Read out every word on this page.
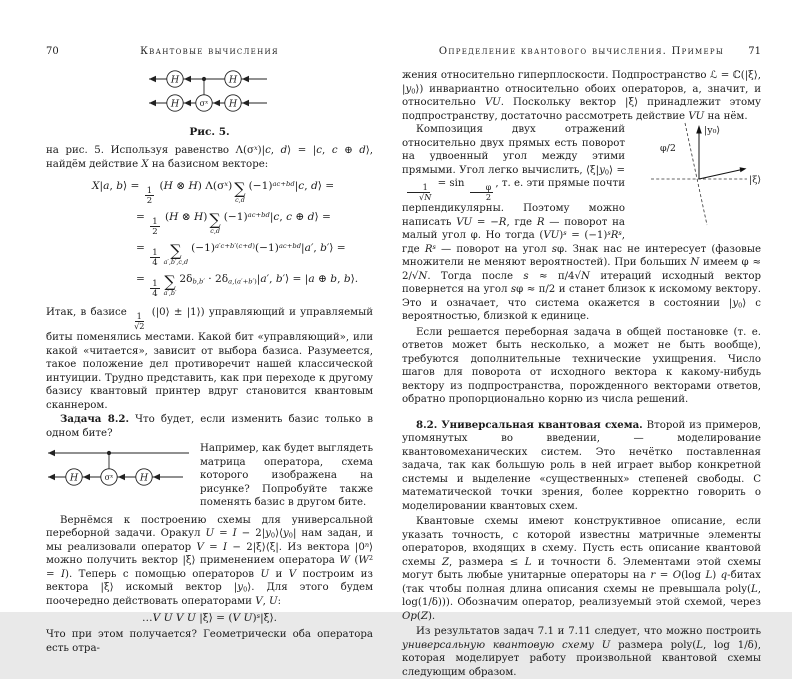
70	Квантовые вычисления
H	H
H	σˣ H
Рис. 5.

на рис. 5. Используя равенство $\Lambda(\sigma^x)|c$, d⟩ = |c, c ⊕ d⟩, найдём действие X на базисном векторе:

X|a, b⟩ =
$\frac{1}{2}$
(H ⊗ H) $\Lambda(\sigma^x)$ ∑
c,d
$(-1)^{ac+bd}|c$, d⟩ =
=
$\frac{1}{2}$
(H ⊗ H) ∑
c,d
$(-1)^{ac+bd}|c$, c ⊕ d⟩ =
=
$\frac{1}{4}$ ∑
a′,b′,c,d
$(-1)^{a'c+b'(c+d)}(-1)^{ac+bd}|a'$, b′⟩ =
=
$\frac{1}{4}$ ∑
a′,b′
$2\delta_{b,b'} \cdot 2\delta_{a,(a'+b')}|a'$, b′⟩ = |a ⊕ b, b⟩.

Итак, в базисе $\frac{1}{√2}$ (|0⟩ ± |1⟩) управляющий и управляемый биты поменялись местами. Какой бит «управляющий», или какой «читается», зависит от выбора базиса. Разумеется, такое положение дел противоречит нашей классической интуиции. Трудно представить, как при переходе к другому базису квантовый принтер вдруг становится квантовым сканнером.

Задача 8.2. Что будет, если изменить базис только в одном бите?

H	σˣ	H
Например, как будет выглядеть матрица оператора, схема которого изображена на рисунке? Попробуйте также поменять базис в другом бите.

Вернёмся к построению схемы для универсальной переборной задачи. Оракул $U = I - 2|y_0⟩⟨y_0|$ нам задан, и мы реализовали оператор V = I − 2|ξ⟩⟨ξ|. Из вектора |0$^n$⟩ можно получить вектор |ξ⟩ применением оператора W $(W^2 = I)$. Теперь с помощью операторов U и V построим из вектора |ξ⟩ искомый вектор $|y_0⟩$. Для этого будем поочередно действовать операторами V, U:

…V U V U |ξ⟩ = (V U)$^s$|ξ⟩.

Что при этом получается? Геометрически оба оператора есть отра-

Определение квантового вычисления. Примеры	71

жения относительно гиперплоскости. Подпространство ℒ = ℂ(|ξ⟩, $|y_0⟩$) инвариантно относительно обоих операторов, а, значит, и относительно VU. Поскольку вектор |ξ⟩ принадлежит этому подпространству, достаточно рассмотреть действие VU на нём.

|y₀⟩
|ξ⟩
φ/2
Композиция двух отражений относительно двух прямых есть поворот на удвоенный угол между этими прямыми. Угол легко вычислить, $⟨\xi|y_0⟩$ =
$\frac{1}{√N} = \sin \frac{\varphi}{2}$ , т. е. эти прямые почти перпендикулярны. Поэтому можно написать VU = −R, где R — поворот на малый угол φ. Но тогда $(VU)^s = (-1)^sR^s$, где $R^s$ — поворот на угол sφ. Знак нас не интересует (фазовые множители не меняют вероятностей). При больших N имеем φ ≈ 2/√N. Тогда после s ≈ π/4√N итераций исходный вектор повернется на угол sφ ≈ π/2 и станет близок к искомому вектору. Это и означает, что система окажется в состоянии $|y_0⟩$ с вероятностью, близкой к единице.

Если решается переборная задача в общей постановке (т. е. ответов может быть несколько, а может не быть вообще), требуются дополнительные технические ухищрения. Число шагов для поворота от исходного вектора к какому-нибудь вектору из подпространства, порожденного векторами ответов, обратно пропорционально корню из числа решений.

8.2. Универсальная квантовая схема. Второй из примеров, упомянутых во введении, — моделирование квантовомеханических систем. Это нечётко поставленная задача, так как большую роль в ней играет выбор конкретной системы и выделение «существенных» степеней свободы. С математической точки зрения, более корректно говорить о моделировании квантовых схем.

Квантовые схемы имеют конструктивное описание, если указать точность, с которой известны матричные элементы операторов, входящих в схему. Пусть есть описание квантовой схемы Z, размера ≤ L и точности δ. Элементами этой схемы могут быть любые унитарные операторы на r = O(log L) q-битах (так чтобы полная длина описания схемы не превышала poly(L, log(1/δ))). Обозначим оператор, реализуемый этой схемой, через Op(Z).

Из результатов задач 7.1 и 7.11 следует, что можно построить универсальную квантовую схему U размера poly(L, log 1/δ), которая моделирует работу произвольной квантовой схемы следующим образом.
